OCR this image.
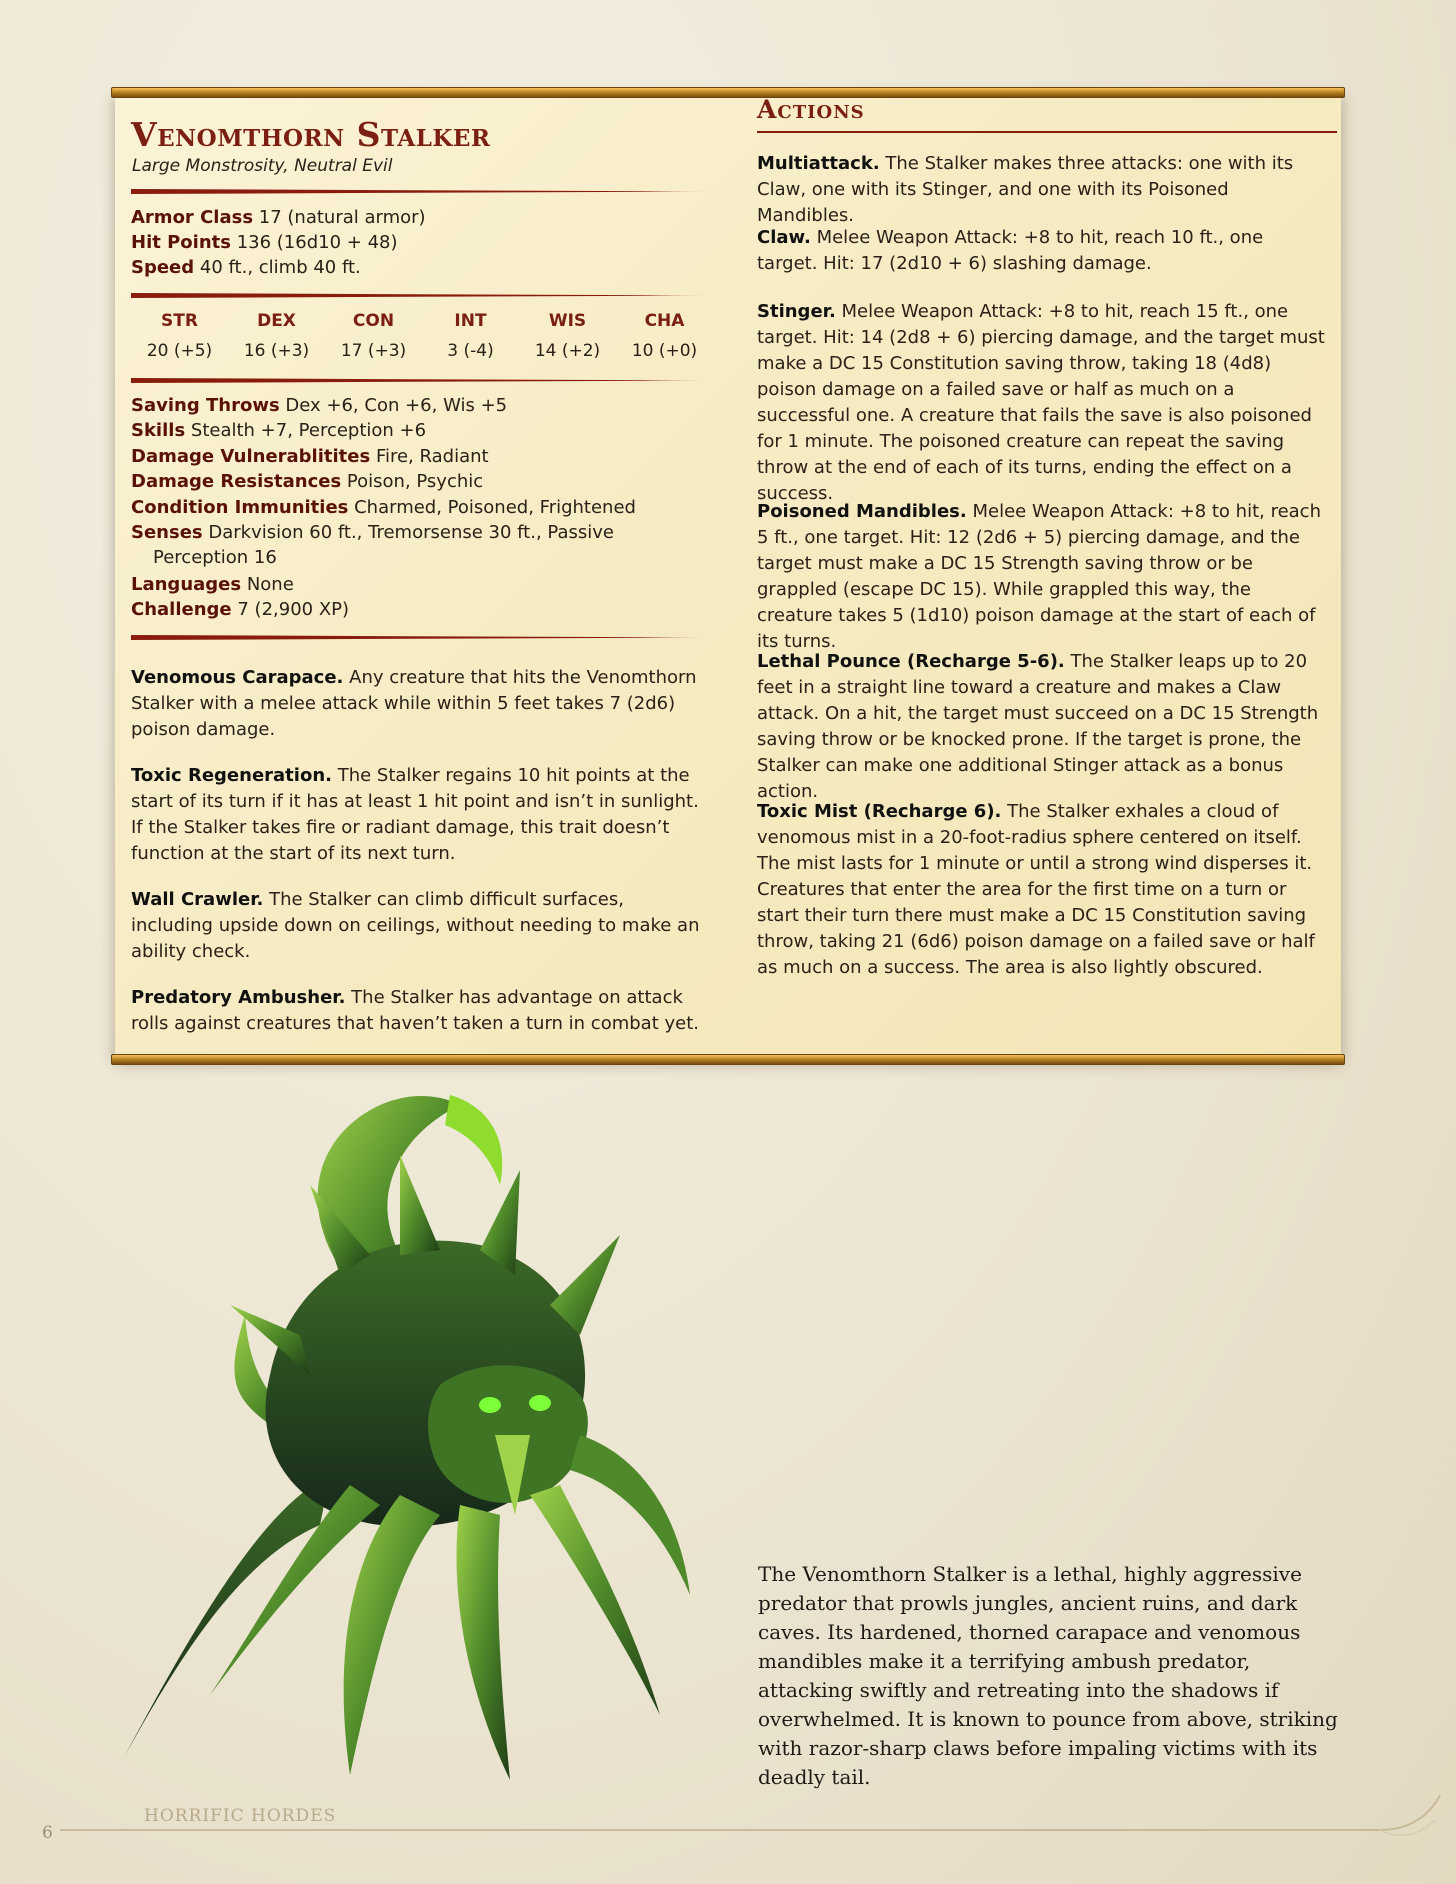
Venomthorn Stalker
Large Monstrosity, Neutral Evil
Armor Class 17 (natural armor)
Hit Points 136 (16d10 + 48)
Speed 40 ft., climb 40 ft.
STR
20 (+5)
DEX
16 (+3)
CON
17 (+3)
INT
3 (-4)
WIS
14 (+2)
CHA
10 (+0)
Saving Throws Dex +6, Con +6, Wis +5
Skills Stealth +7, Perception +6
Damage Vulnerablitites Fire, Radiant
Damage Resistances Poison, Psychic
Condition Immunities Charmed, Poisoned, Frightened
Senses Darkvision 60 ft., Tremorsense 30 ft., Passive Perception 16
Languages None
Challenge 7 (2,900 XP)
Venomous Carapace. Any creature that hits the Venomthorn Stalker with a melee attack while within 5 feet takes 7 (2d6) poison damage.
Toxic Regeneration. The Stalker regains 10 hit points at the start of its turn if it has at least 1 hit point and isn’t in sunlight. If the Stalker takes fire or radiant damage, this trait doesn’t function at the start of its next turn.
Wall Crawler. The Stalker can climb difficult surfaces, including upside down on ceilings, without needing to make an ability check.
Predatory Ambusher. The Stalker has advantage on attack rolls against creatures that haven’t taken a turn in combat yet.
Actions
Multiattack. The Stalker makes three attacks: one with its Claw, one with its Stinger, and one with its Poisoned Mandibles.
Claw. Melee Weapon Attack: +8 to hit, reach 10 ft., one target. Hit: 17 (2d10 + 6) slashing damage.
Stinger. Melee Weapon Attack: +8 to hit, reach 15 ft., one target. Hit: 14 (2d8 + 6) piercing damage, and the target must make a DC 15 Constitution saving throw, taking 18 (4d8) poison damage on a failed save or half as much on a successful one. A creature that fails the save is also poisoned for 1 minute. The poisoned creature can repeat the saving throw at the end of each of its turns, ending the effect on a success.
Poisoned Mandibles. Melee Weapon Attack: +8 to hit, reach 5 ft., one target. Hit: 12 (2d6 + 5) piercing damage, and the target must make a DC 15 Strength saving throw or be grappled (escape DC 15). While grappled this way, the creature takes 5 (1d10) poison damage at the start of each of its turns.
Lethal Pounce (Recharge 5-6). The Stalker leaps up to 20 feet in a straight line toward a creature and makes a Claw attack. On a hit, the target must succeed on a DC 15 Strength saving throw or be knocked prone. If the target is prone, the Stalker can make one additional Stinger attack as a bonus action.
Toxic Mist (Recharge 6). The Stalker exhales a cloud of venomous mist in a 20-foot-radius sphere centered on itself. The mist lasts for 1 minute or until a strong wind disperses it. Creatures that enter the area for the first time on a turn or start their turn there must make a DC 15 Constitution saving throw, taking 21 (6d6) poison damage on a failed save or half as much on a success. The area is also lightly obscured.
The Venomthorn Stalker is a lethal, highly aggressive predator that prowls jungles, ancient ruins, and dark caves. Its hardened, thorned carapace and venomous mandibles make it a terrifying ambush predator, attacking swiftly and retreating into the shadows if overwhelmed. It is known to pounce from above, striking with razor-sharp claws before impaling victims with its deadly tail.
HORRIFIC HORDES
6
